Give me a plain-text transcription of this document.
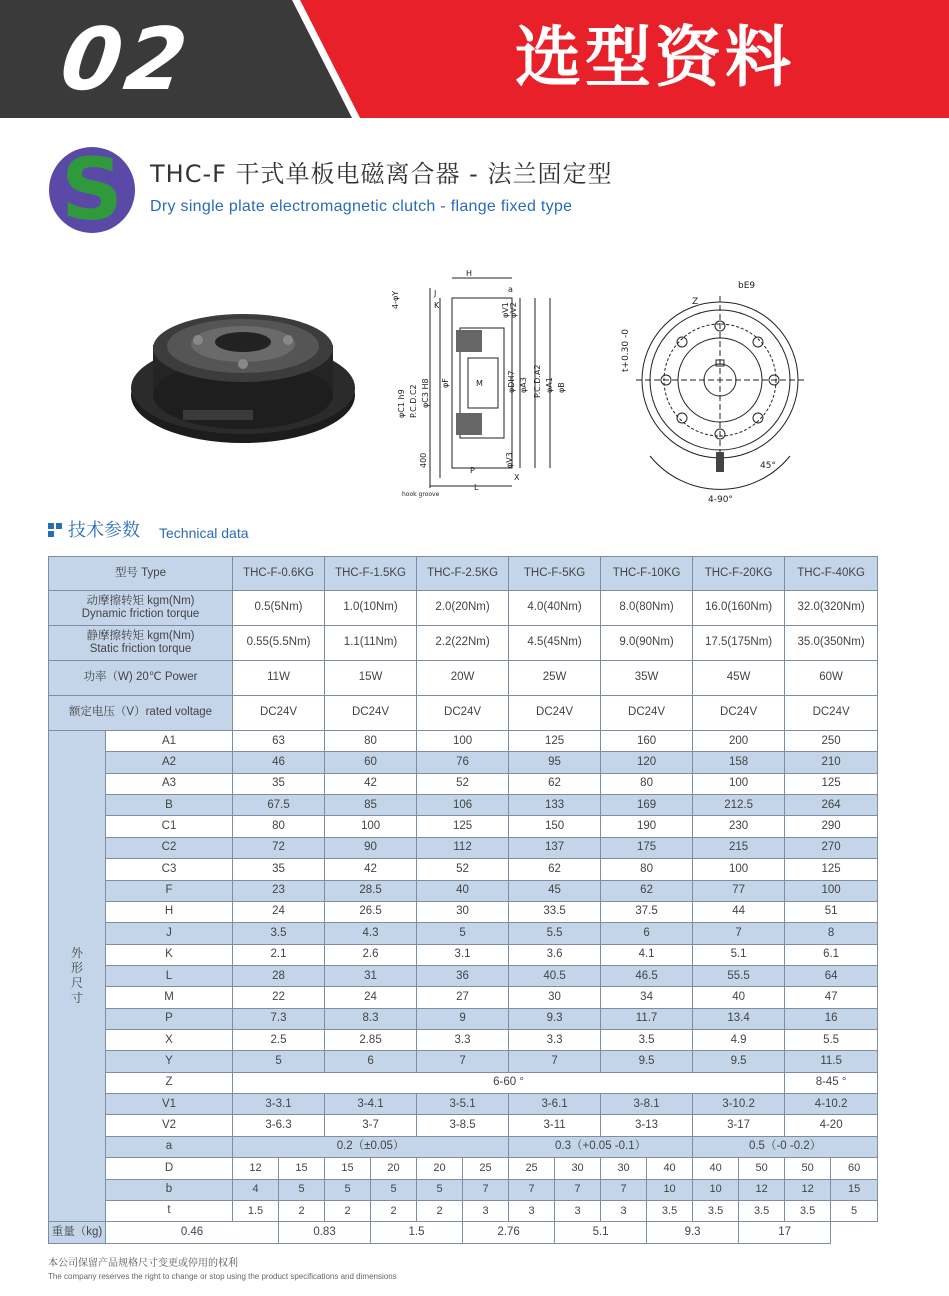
02	选型资料
S	THC-F 干式单板电磁离合器 - 法兰固定型
Dry single plate electromagnetic clutch - flange fixed type
H
a
J
K
4-φY
φC1 h9 P.C.D.C2 φC3 H8 φF	M	φDH7 φA3 P.C.D.A2 φA1 φB
φV1 φV2
φV3
400
P
X
L
hook groove
Z
bE9
t+0.30 -0
45°
4-90°
技术参数 Technical data
型号 Type		THC-F-0.6KG		THC-F-1.5KG		THC-F-2.5KG		THC-F-5KG		THC-F-10KG		THC-F-20KG		THC-F-40KG	

动摩擦转矩 kgm(Nm)
Dynamic friction torque		0.5(5Nm)		1.0(10Nm)		2.0(20Nm)		4.0(40Nm)		8.0(80Nm)		16.0(160Nm)		32.0(320Nm)	

静摩擦转矩 kgm(Nm)
Static friction torque		0.55(5.5Nm)		1.1(11Nm)		2.2(22Nm)		4.5(45Nm)		9.0(90Nm)		17.5(175Nm)		35.0(350Nm)	
功率（W) 20℃ Power		11W		15W		20W		25W		35W		45W		60W	
额定电压（V）rated voltage		DC24V		DC24V		DC24V		DC24V		DC24V		DC24V		DC24V	
外形尺寸	A1	63		80		100		125		160		200		250	
	A2	46		60		76		95		120		158		210	
	A3	35		42		52		62		80		100		125	
	B	67.5		85		106		133		169		212.5		264	
	C1	80		100		125		150		190		230		290	
	C2	72		90		112		137		175		215		270	
	C3	35		42		52		62		80		100		125	
	F	23		28.5		40		45		62		77		100	
	H	24		26.5		30		33.5		37.5		44		51	
	J	3.5		4.3		5		5.5		6		7		8	
	K	2.1		2.6		3.1		3.6		4.1		5.1		6.1	
	L	28		31		36		40.5		46.5		55.5		64	
	M	22		24		27		30		34		40		47	
	P	7.3		8.3		9		9.3		11.7		13.4		16	
	X	2.5		2.85		3.3		3.3		3.5		4.9		5.5	
	Y	5		6		7		7		9.5		9.5		11.5	
	Z	6-60 °												8-45 °	
	V1	3-3.1		3-4.1		3-5.1		3-6.1		3-8.1		3-10.2		4-10.2	
	V2	3-6.3		3-7		3-8.5		3-11		3-13		3-17		4-20	
	a	0.2（±0.05）						0.3（+0.05 -0.1）				0.5（-0 -0.2）			
	D	12	15	15	20	20	25	25	30	30	40	40	50	50	60
	b	4	5	5	5	5	7	7	7	7	10	10	12	12	15
	t	1.5	2	2	2	2	3	3	3	3	3.5	3.5	3.5	3.5	5
重量（kg)	0.46		0.83		1.5		2.76		5.1		9.3		17		
本公司保留产品规格尺寸变更或停用的权利
The company reserves the right to change or stop using the product specifications and dimensions
